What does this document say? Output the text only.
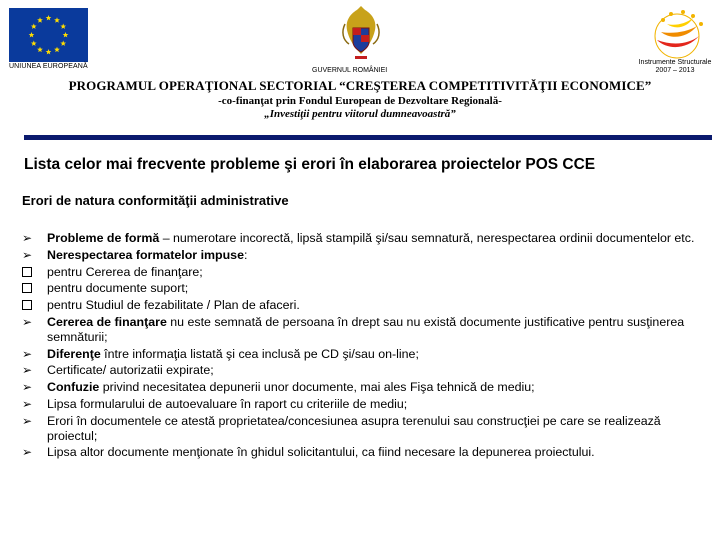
UNIUNEA EUROPEANĂ
GUVERNUL ROMÂNIEI
Instrumente Structurale 2007 – 2013
PROGRAMUL OPERAŢIONAL SECTORIAL “CREŞTEREA COMPETITIVITĂŢII ECONOMICE”
-co-finanţat prin Fondul European de Dezvoltare Regională-
„Investiţii pentru viitorul dumneavoastră”
Lista celor mai frecvente probleme şi erori în elaborarea proiectelor POS CCE
Erori de natura conformităţii administrative
➢	Probleme de formă – numerotare incorectă, lipsă stampilă şi/sau semnatură, nerespectarea ordinii documentelor etc.
➢	Nerespectarea formatelor impuse:
pentru Cererea de finanţare;
pentru documente suport;
pentru Studiul de fezabilitate / Plan de afaceri.
➢	Cererea de finanţare nu este semnată de persoana în drept sau nu există documente justificative pentru susţinerea semnăturii;
➢	Diferenţe între informaţia listată şi cea inclusă pe CD şi/sau on-line;
➢	Certificate/ autorizatii expirate;
➢	Confuzie privind necesitatea depunerii unor documente, mai ales Fişa tehnică de mediu;
➢	Lipsa formularului de autoevaluare în raport cu criteriile de mediu;
➢	Erori în documentele ce atestă proprietatea/concesiunea asupra terenului sau construcţiei pe care se realizează proiectul;
➢	Lipsa altor documente menţionate în ghidul solicitantului, ca fiind necesare la depunerea proiectului.
